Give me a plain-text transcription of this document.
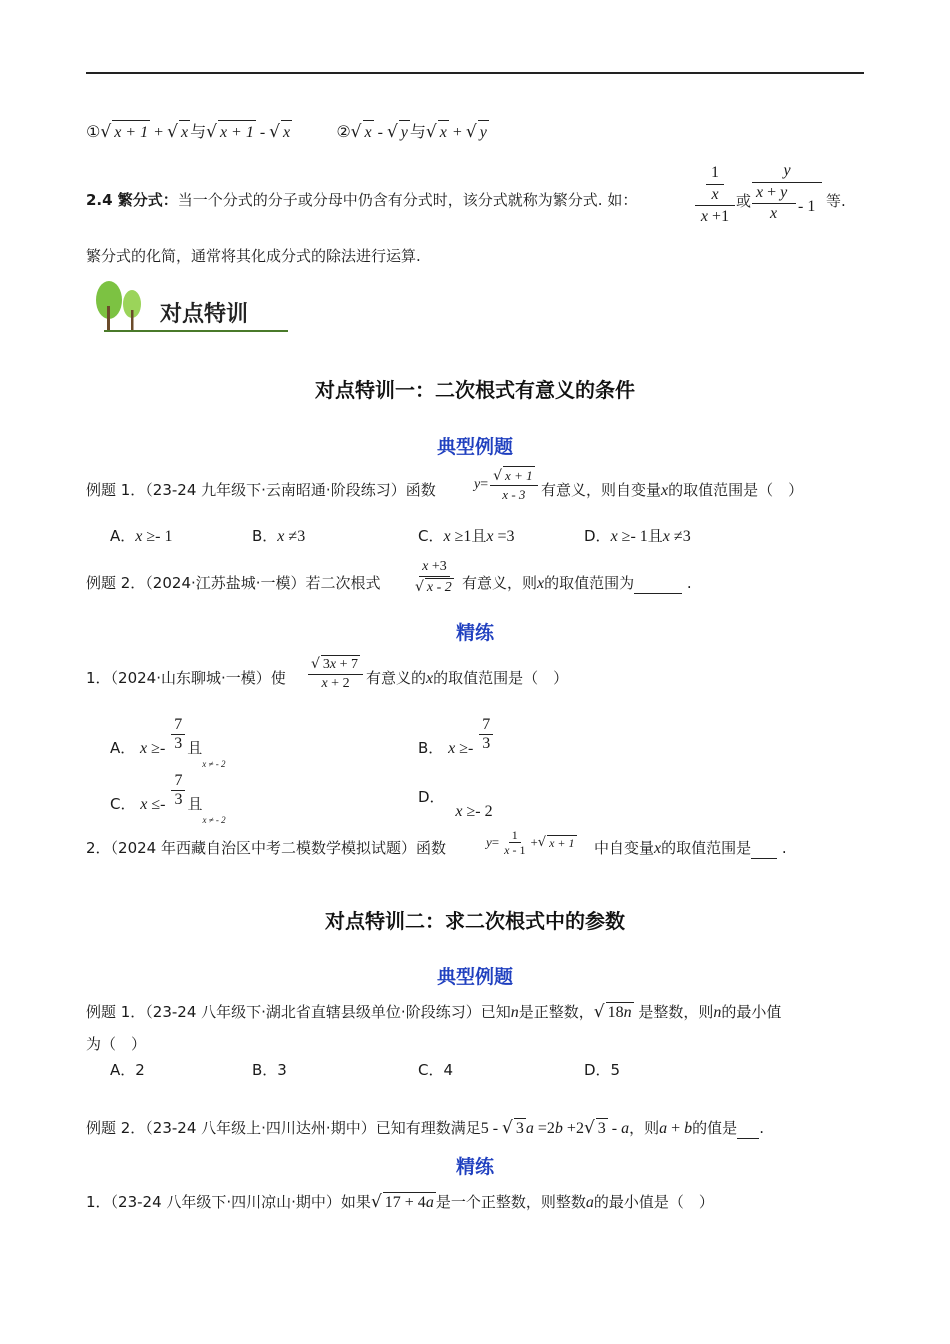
①√ x + 1 + √ x 与√ x + 1 - √ x	②√ x - √ y 与√ x + √ y
2.4 繁分式：当一个分式的分子或分母中仍含有分式时，该分式就称为繁分式. 如：
1
x
x +1
或
y
x + y
x	- 1 等.
繁分式的化简，通常将其化成分式的除法进行运算.
对点特训
对点特训一：二次根式有意义的条件
典型例题
例题 1．（23-24 九年级下·云南昭通·阶段练习）函数	$y= \frac{√ x + 1}{x - 3}$ 有意义，则自变量x的取值范围是（　）
A．x ≥- 1	B．x ≠3	C．x ≥1且x =3	D．x ≥- 1且x ≠3
例题 2．（2024·江苏盐城·一模）若二次根式 $\frac{x +3}{√ x - 2}$ 有意义，则x的取值范围为	.
精练
1．（2024·山东聊城·一模）使 $\frac{√ 3x + 7}{x + 2}$ 有意义的x的取值范围是（　）
A． $x \ge- \frac{7}{3}$ 且$_{x \ne - 2}$
B． $x \ge- \frac{7}{3}$
C． $x \le- \frac{7}{3}$ 且$_{x \ne - 2}$
D． x ≥- 2
2．（2024 年西藏自治区中考二模数学模拟试题）函数	$y= \frac{1}{x - 1}$ +√ x + 1 中自变量x的取值范围是 .
对点特训二：求二次根式中的参数
典型例题
例题 1．（23-24 八年级下·湖北省直辖县级单位·阶段练习）已知n是正整数，√ 18n 是整数，则n的最小值
为（　）
A．2	B．3	C．4	D．5
例题 2．（23-24 八年级上·四川达州·期中）已知有理数满足5 - √ 3 a =2b +2√ 3 - a，则a + b的值是 .
精练
1．（23-24 八年级下·四川凉山·期中）如果√ 17 + 4a 是一个正整数，则整数a的最小值是（　）
